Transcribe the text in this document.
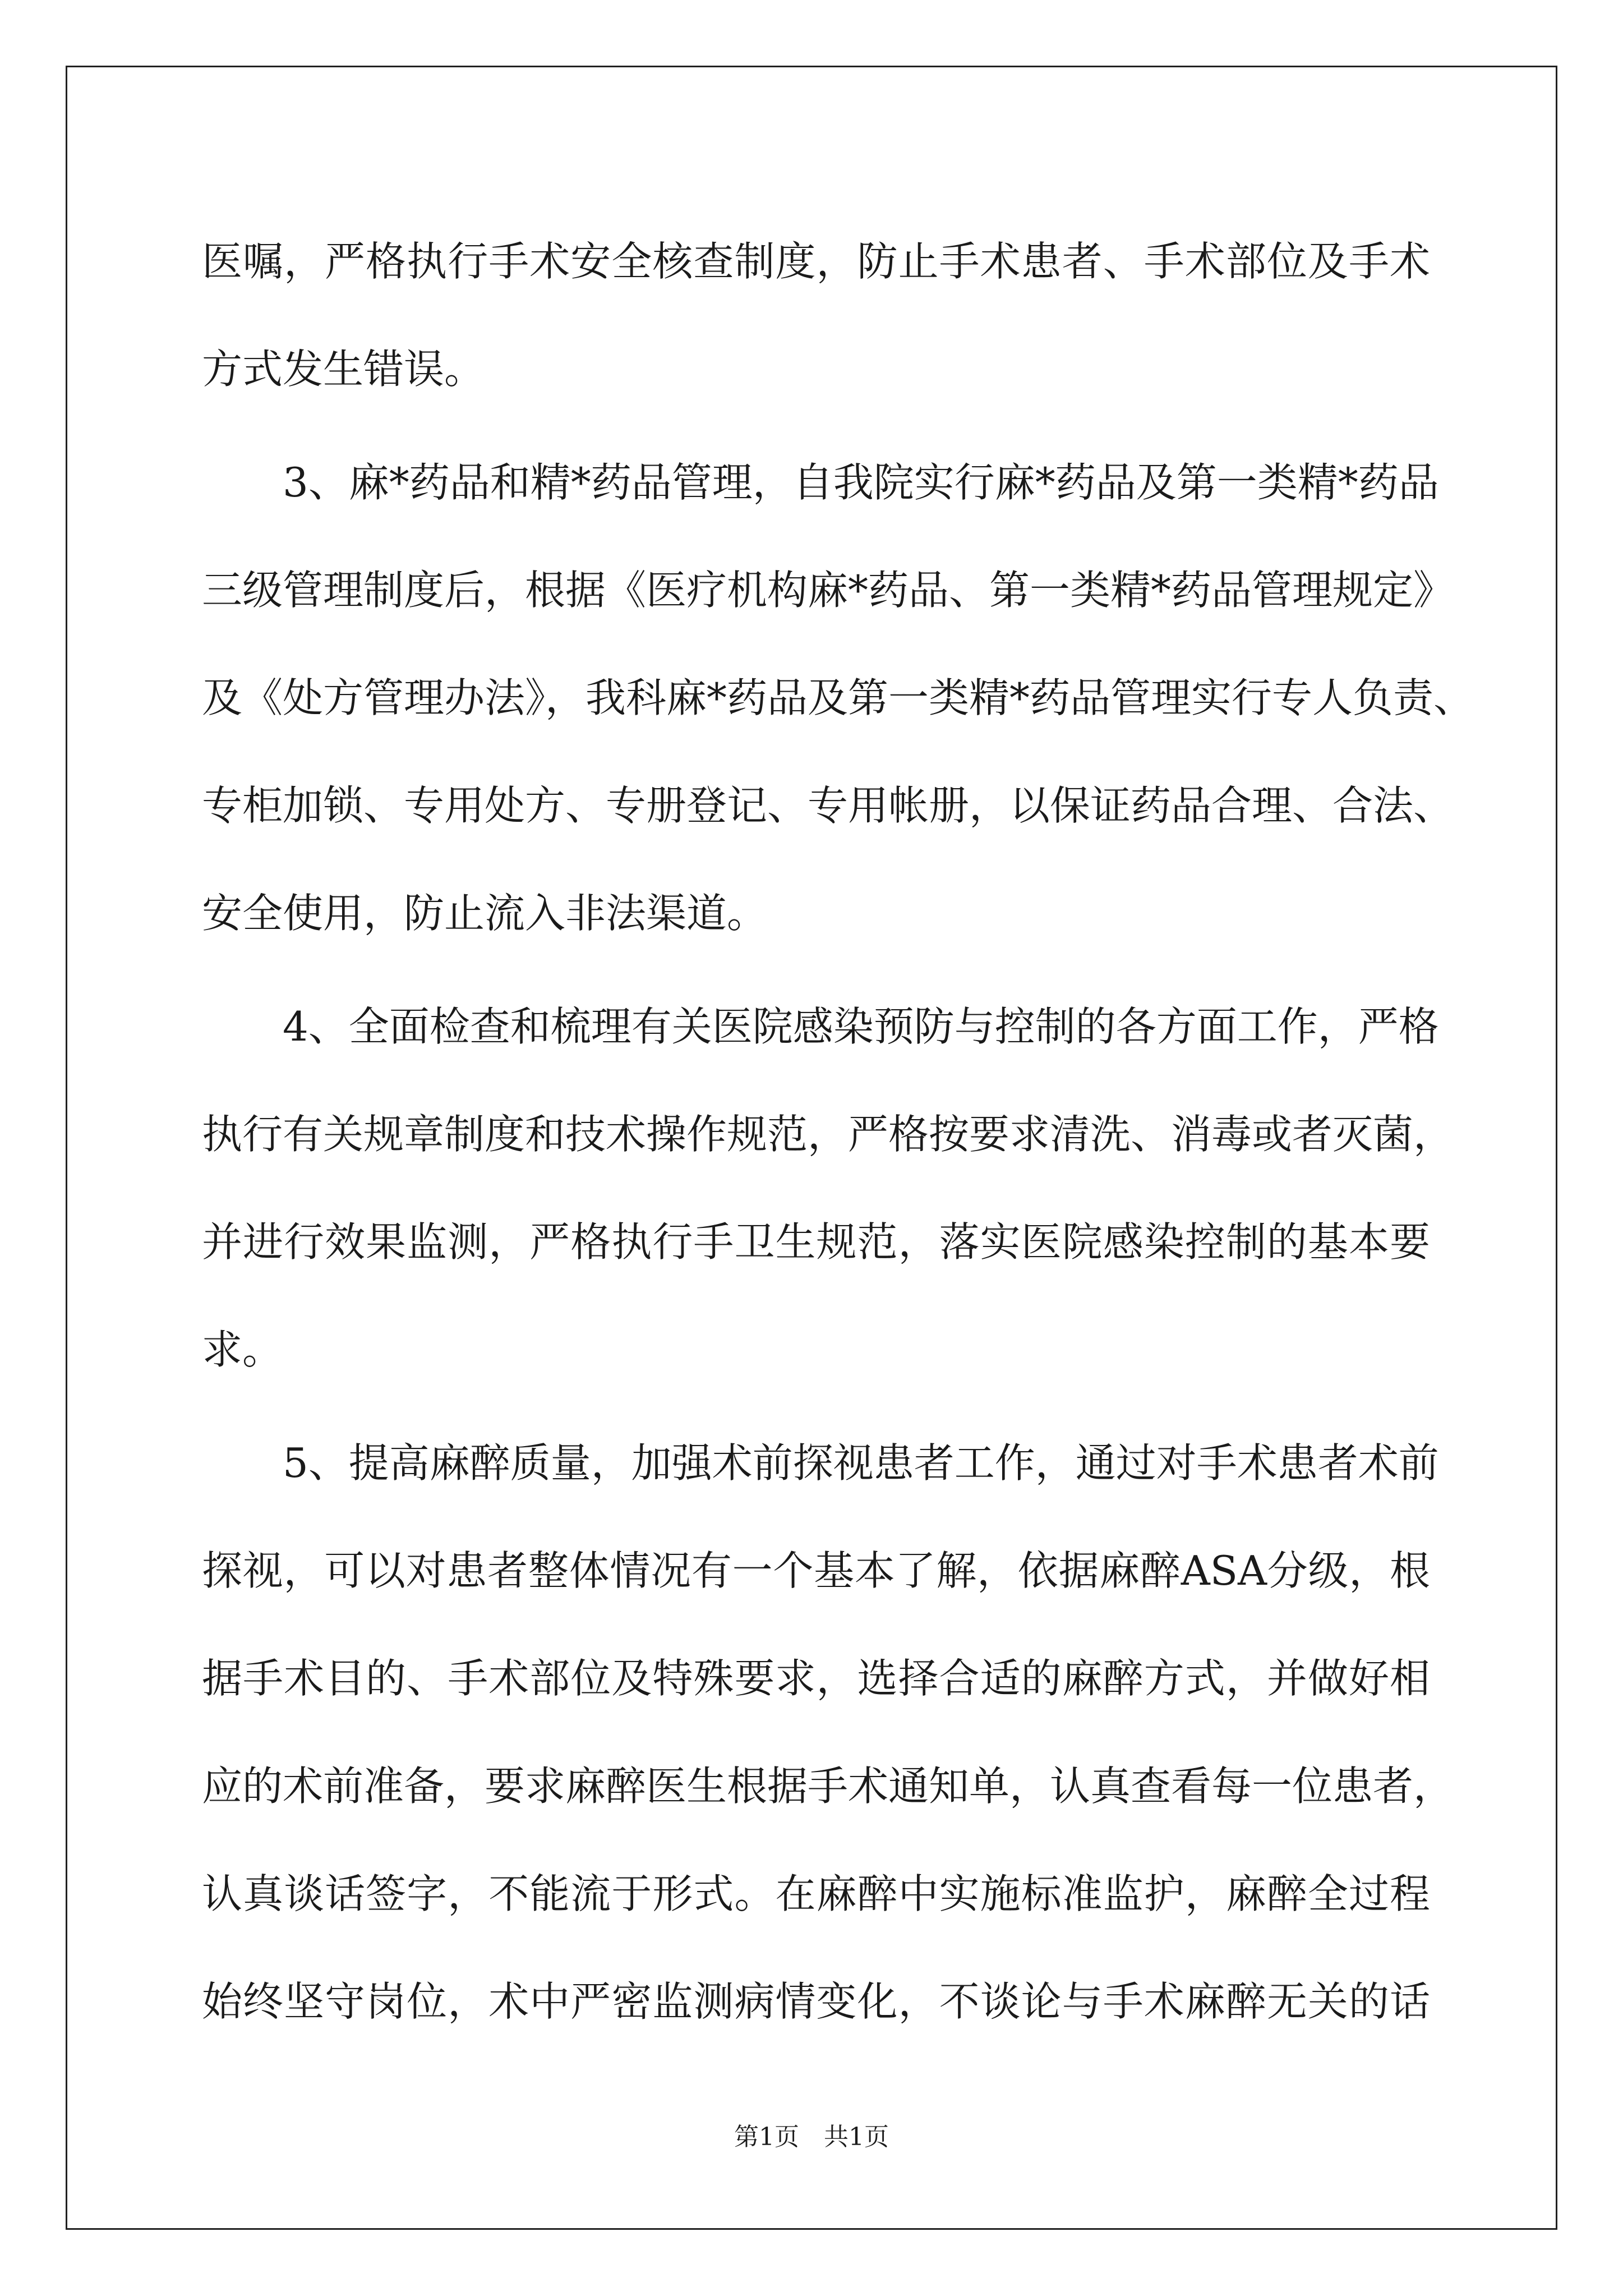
医嘱，严格执行手术安全核查制度，防止手术患者、手术部位及手术
方式发生错误。
3、麻*药品和精*药品管理，自我院实行麻*药品及第一类精*药品
三级管理制度后，根据《医疗机构麻*药品、第一类精*药品管理规定》
及《处方管理办法》，我科麻*药品及第一类精*药品管理实行专人负责、
专柜加锁、专用处方、专册登记、专用帐册，以保证药品合理、合法、
安全使用，防止流入非法渠道。
4、全面检查和梳理有关医院感染预防与控制的各方面工作，严格
执行有关规章制度和技术操作规范，严格按要求清洗、消毒或者灭菌，
并进行效果监测，严格执行手卫生规范，落实医院感染控制的基本要
求。
5、提高麻醉质量，加强术前探视患者工作，通过对手术患者术前
探视，可以对患者整体情况有一个基本了解，依据麻醉ASA分级，根
据手术目的、手术部位及特殊要求，选择合适的麻醉方式，并做好相
应的术前准备，要求麻醉医生根据手术通知单，认真查看每一位患者，
认真谈话签字，不能流于形式。在麻醉中实施标准监护，麻醉全过程
始终坚守岗位，术中严密监测病情变化，不谈论与手术麻醉无关的话
第1页　共1页
